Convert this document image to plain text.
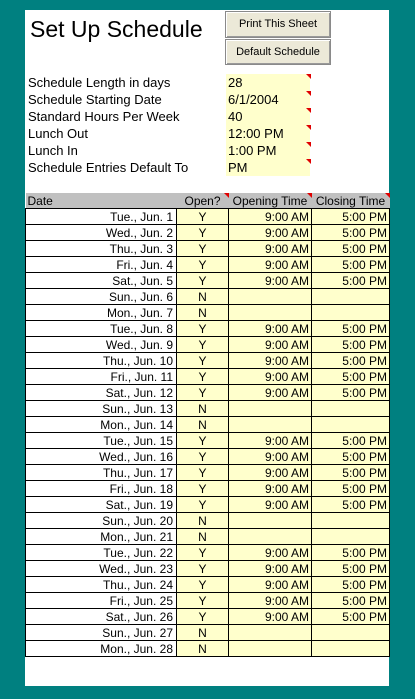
Set Up Schedule	Print This Sheet
Default Schedule
Schedule Length in days	28
Schedule Starting Date	6/1/2004
Standard Hours Per Week	40
Lunch Out	12:00 PM
Lunch In	1:00 PM
Schedule Entries Default To	PM
Date	Open?	Opening Time	Closing Time

Tue., Jun. 1	Y	9:00 AM	5:00 PM
Wed., Jun. 2	Y	9:00 AM	5:00 PM
Thu., Jun. 3	Y	9:00 AM	5:00 PM
Fri., Jun. 4	Y	9:00 AM	5:00 PM
Sat., Jun. 5	Y	9:00 AM	5:00 PM
Sun., Jun. 6	N		
Mon., Jun. 7	N		
Tue., Jun. 8	Y	9:00 AM	5:00 PM
Wed., Jun. 9	Y	9:00 AM	5:00 PM
Thu., Jun. 10	Y	9:00 AM	5:00 PM
Fri., Jun. 11	Y	9:00 AM	5:00 PM
Sat., Jun. 12	Y	9:00 AM	5:00 PM
Sun., Jun. 13	N		
Mon., Jun. 14	N		
Tue., Jun. 15	Y	9:00 AM	5:00 PM
Wed., Jun. 16	Y	9:00 AM	5:00 PM
Thu., Jun. 17	Y	9:00 AM	5:00 PM
Fri., Jun. 18	Y	9:00 AM	5:00 PM
Sat., Jun. 19	Y	9:00 AM	5:00 PM
Sun., Jun. 20	N		
Mon., Jun. 21	N		
Tue., Jun. 22	Y	9:00 AM	5:00 PM
Wed., Jun. 23	Y	9:00 AM	5:00 PM
Thu., Jun. 24	Y	9:00 AM	5:00 PM
Fri., Jun. 25	Y	9:00 AM	5:00 PM
Sat., Jun. 26	Y	9:00 AM	5:00 PM
Sun., Jun. 27	N		
Mon., Jun. 28	N		
